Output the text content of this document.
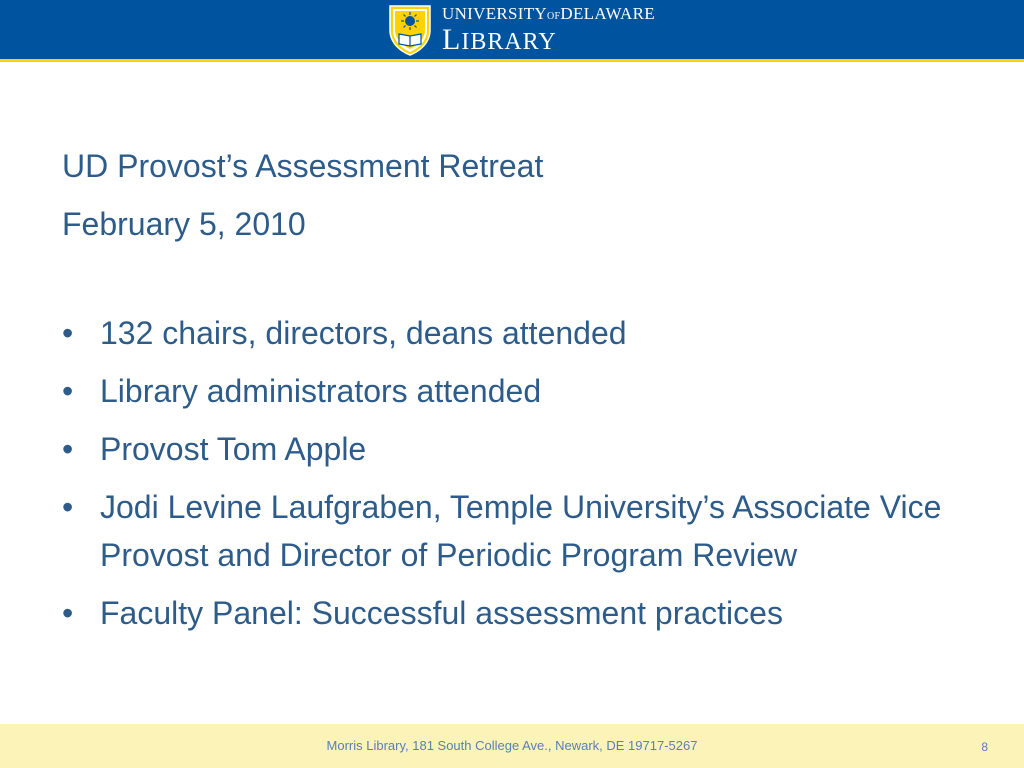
UNIVERSITYOFDELAWARE
LIBRARY

UD Provost’s Assessment Retreat

February 5, 2010

• 132 chairs, directors, deans attended
• Library administrators attended
• Provost Tom Apple
• Jodi Levine Laufgraben, Temple University’s Associate Vice Provost and Director of Periodic Program Review
• Faculty Panel: Successful assessment practices
Morris Library, 181 South College Ave., Newark, DE 19717-5267	8
